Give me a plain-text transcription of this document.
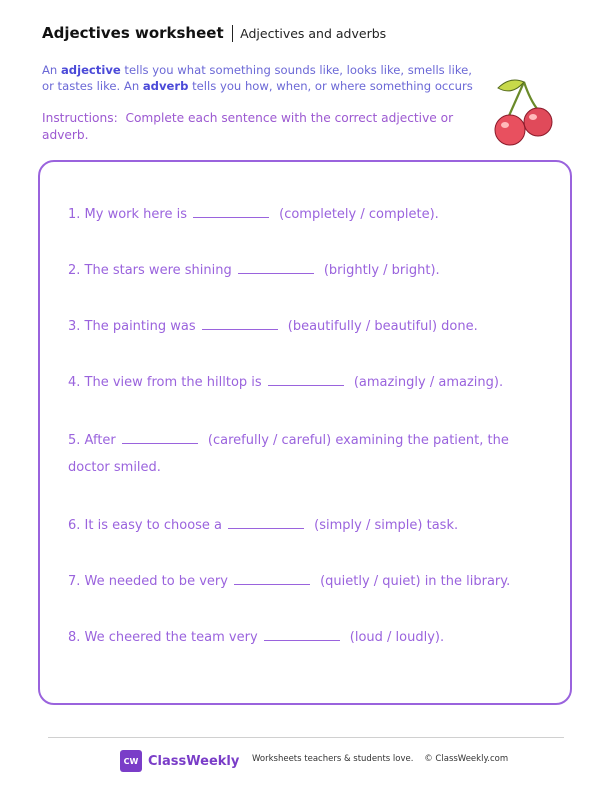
Adjectives worksheet Adjectives and adverbs
An adjective tells you what something sounds like, looks like, smells like, or tastes like. An adverb tells you how, when, or where something occurs
Instructions: Complete each sentence with the correct adjective or adverb.
1. My work here is	(completely / complete).
2. The stars were shining	(brightly / bright).
3. The painting was	(beautifully / beautiful) done.
4. The view from the hilltop is	(amazingly / amazing).
5. After	(carefully / careful) examining the patient, the doctor smiled.
6. It is easy to choose a	(simply / simple) task.
7. We needed to be very	(quietly / quiet) in the library.
8. We cheered the team very	(loud / loudly).
CW ClassWeekly Worksheets teachers & students love.    © ClassWeekly.com
